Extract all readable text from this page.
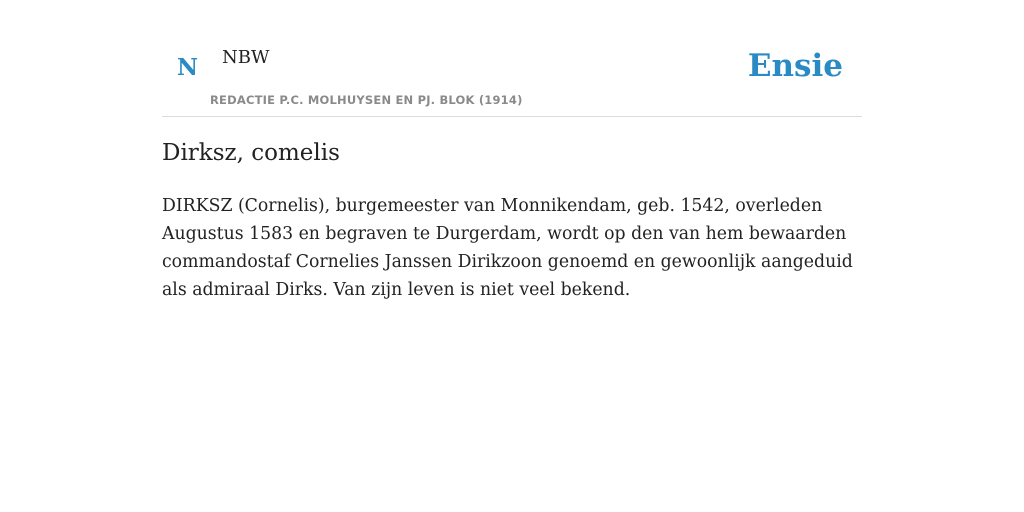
N NBW
REDACTIE P.C. MOLHUYSEN EN PJ. BLOK (1914)
Ensie
Dirksz, comelis

DIRKSZ (Cornelis), burgemeester van Monnikendam, geb. 1542, overleden Augustus 1583 en begraven te Durgerdam, wordt op den van hem bewaarden commandostaf Cornelies Janssen Dirikzoon genoemd en gewoonlijk aangeduid als admiraal Dirks. Van zijn leven is niet veel bekend.
